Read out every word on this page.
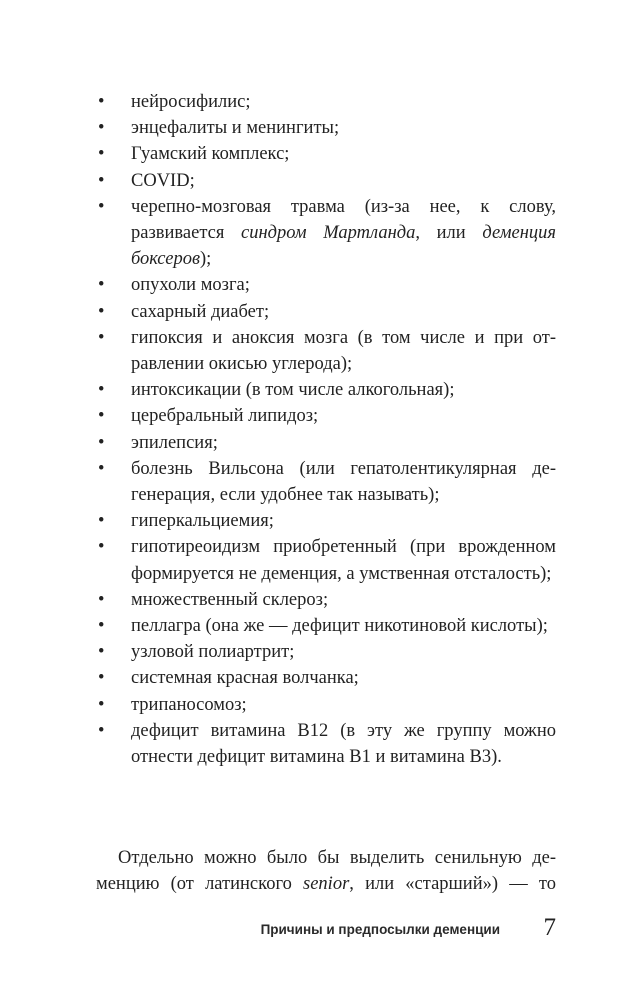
•	нейросифилис;
•	энцефалиты и менингиты;
•	Гуамский комплекс;
•	COVID;
•	черепно-мозговая травма (из-за нее, к слову, развивается синдром Мартланда, или деменция боксеров);
•	опухоли мозга;
•	сахарный диабет;
•	гипоксия и аноксия мозга (в том числе и при отравлении окисью углерода);
•	интоксикации (в том числе алкогольная);
•	церебральный липидоз;
•	эпилепсия;
•	болезнь Вильсона (или гепатолентикулярная дегенерация, если удобнее так называть);
•	гиперкальциемия;
•	гипотиреоидизм приобретенный (при врожденном формируется не деменция, а умственная отсталость);
•	множественный склероз;
•	пеллагра (она же — дефицит никотиновой кислоты);
•	узловой полиартрит;
•	системная красная волчанка;
•	трипаносомоз;
•	дефицит витамина В12 (в эту же группу можно отнести дефицит витамина В1 и витамина В3).

Отдельно можно было бы выделить сенильную деменцию (от латинского senior, или «старший») — то

Причины и предпосылки деменции 7
